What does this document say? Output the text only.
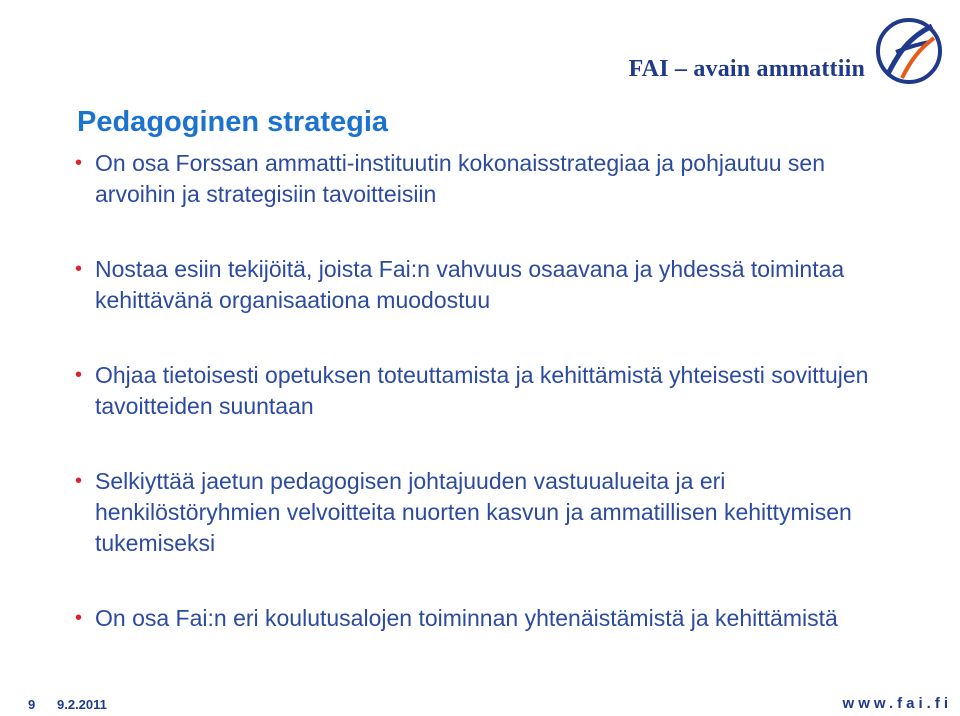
FAI – avain ammattiin
Pedagoginen strategia
• On osa Forssan ammatti-instituutin kokonaisstrategiaa ja pohjautuu sen arvoihin ja strategisiin tavoitteisiin
• Nostaa esiin tekijöitä, joista Fai:n vahvuus osaavana ja yhdessä toimintaa kehittävänä organisaationa muodostuu
• Ohjaa tietoisesti opetuksen toteuttamista ja kehittämistä yhteisesti sovittujen tavoitteiden suuntaan
• Selkiyttää jaetun pedagogisen johtajuuden vastuualueita ja eri henkilöstöryhmien velvoitteita nuorten kasvun ja ammatillisen kehittymisen tukemiseksi
• On osa Fai:n eri koulutusalojen toiminnan yhtenäistämistä ja kehittämistä
9 9.2.2011	www.fai.fi
